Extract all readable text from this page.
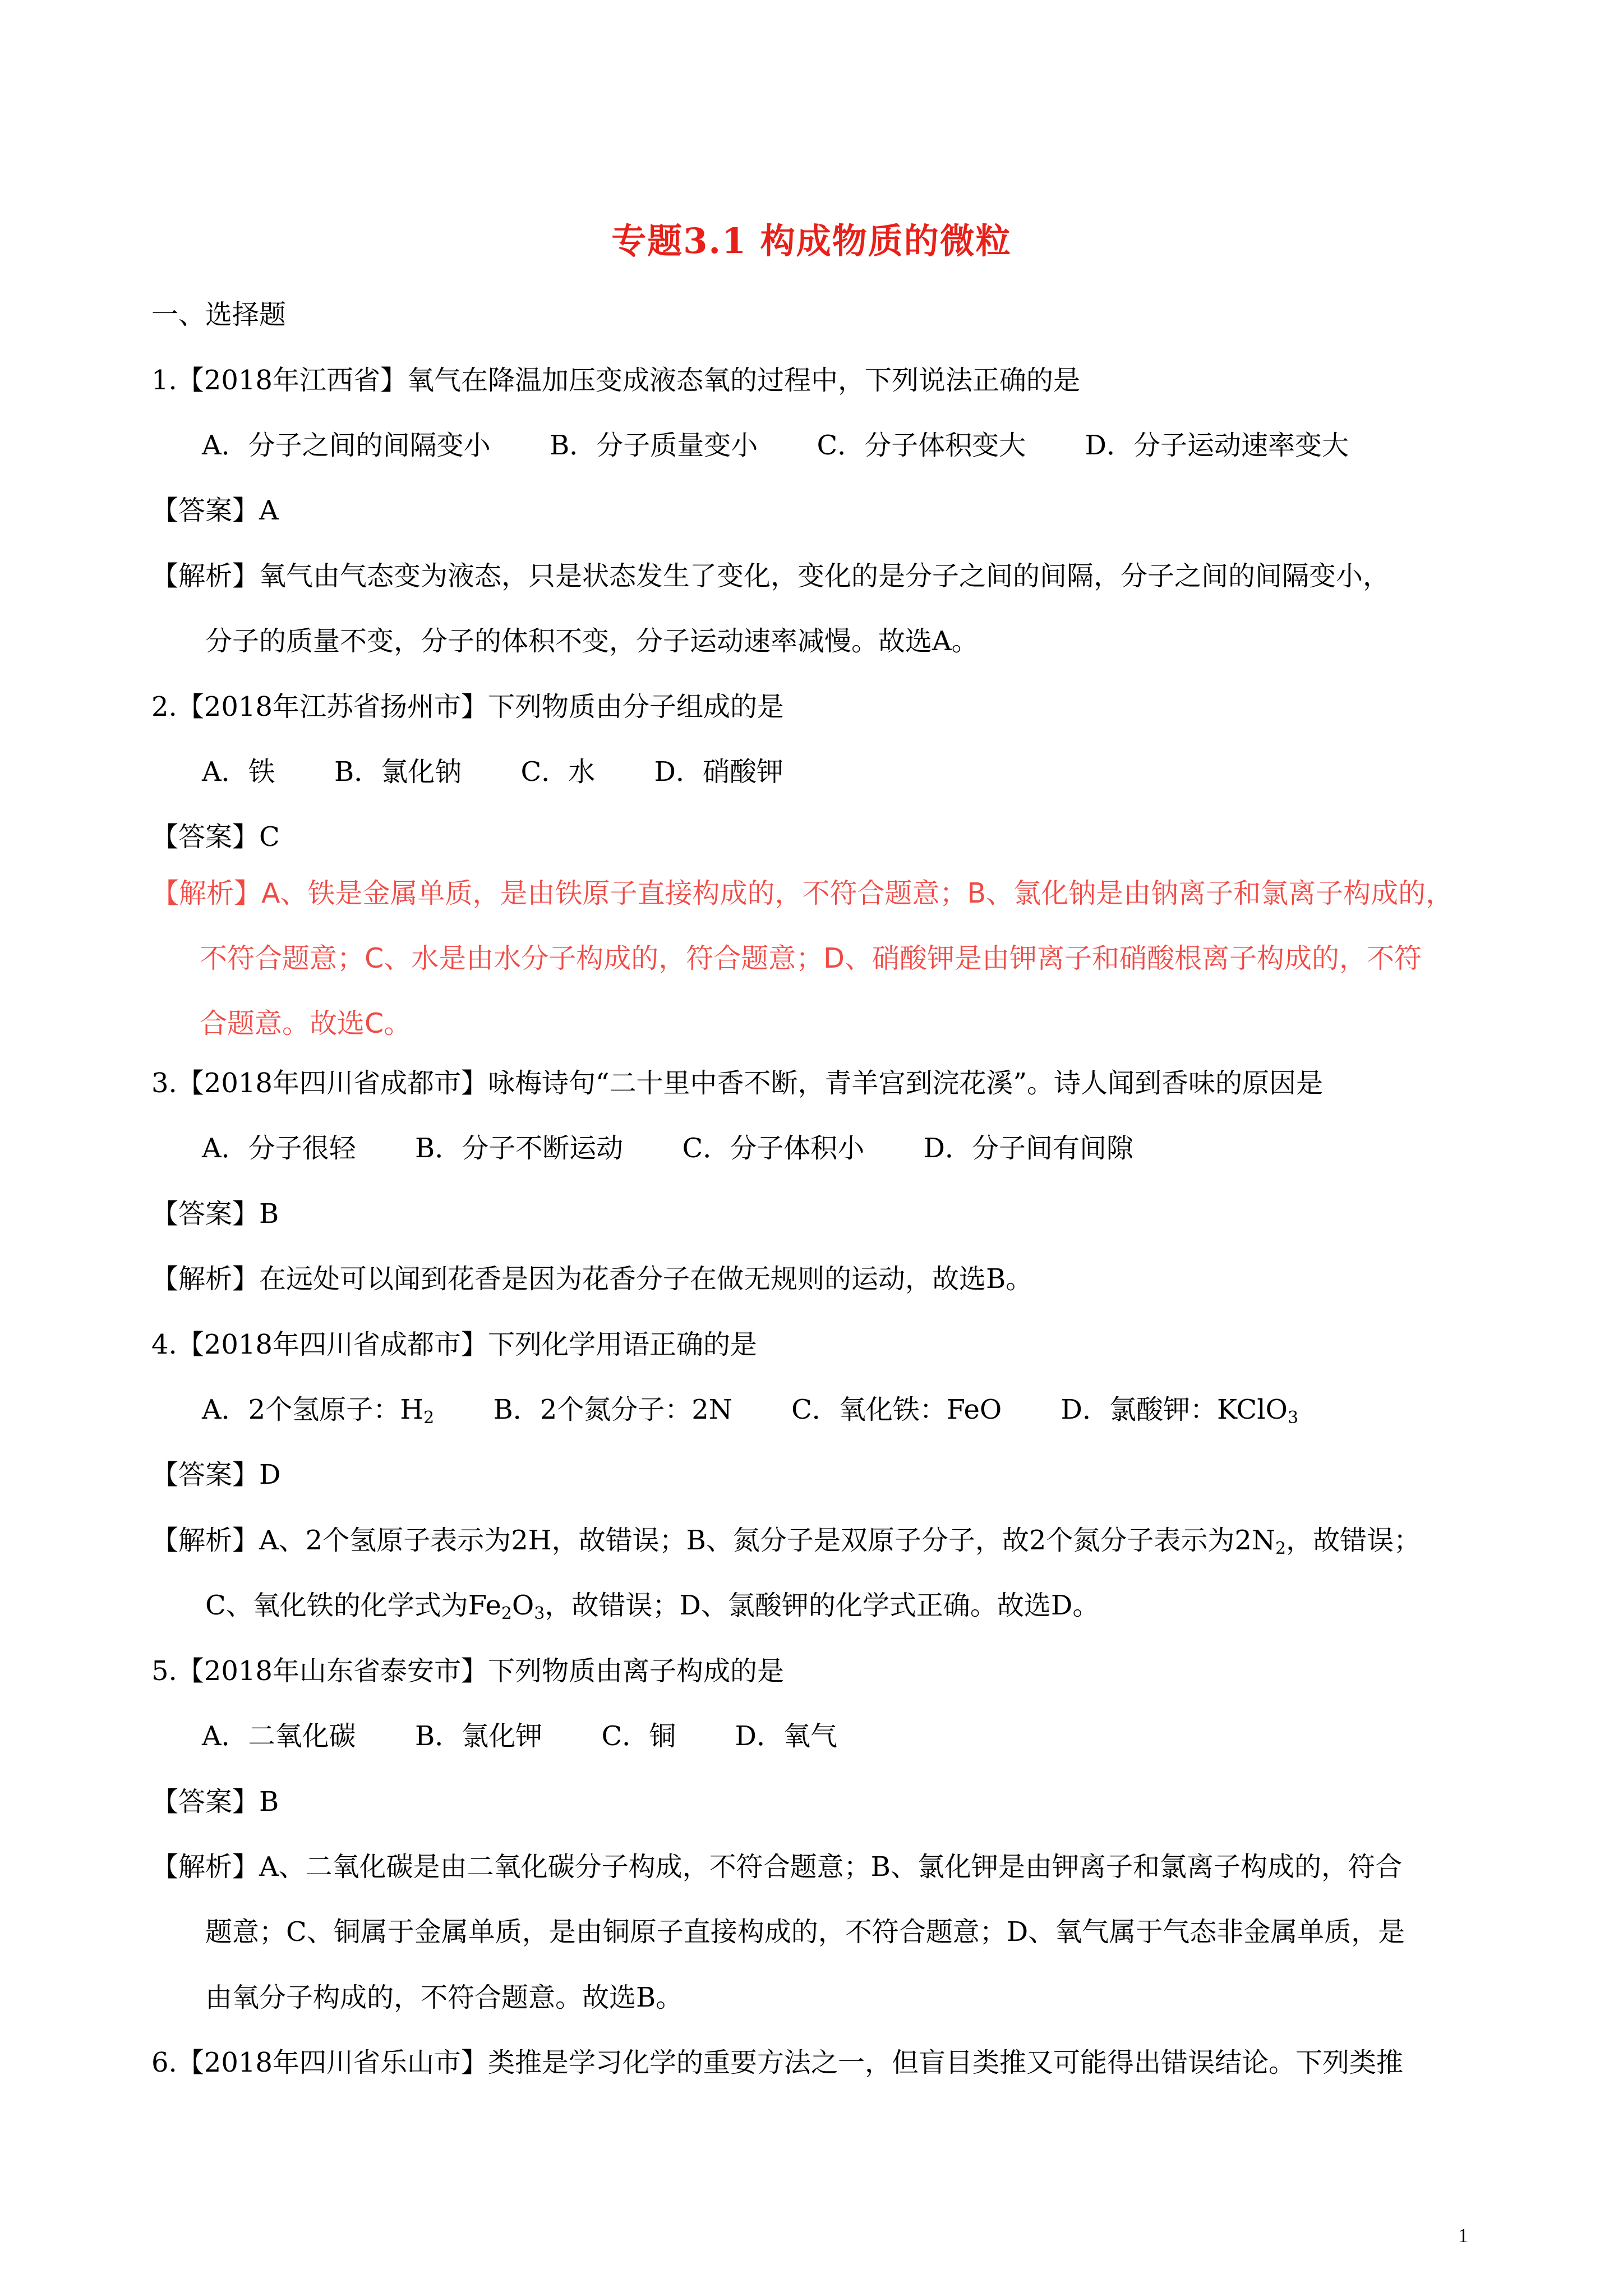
专题3.1 构成物质的微粒
一、选择题
1.【2018年江西省】氧气在降温加压变成液态氧的过程中，下列说法正确的是
A．分子之间的间隔变小 B．分子质量变小 C．分子体积变大 D．分子运动速率变大
【答案】A
【解析】氧气由气态变为液态，只是状态发生了变化，变化的是分子之间的间隔，分子之间的间隔变小，
分子的质量不变，分子的体积不变，分子运动速率减慢。故选A。
2.【2018年江苏省扬州市】下列物质由分子组成的是
A．铁 B．氯化钠 C．水 D．硝酸钾
【答案】C
【解析】A、铁是金属单质，是由铁原子直接构成的，不符合题意；B、氯化钠是由钠离子和氯离子构成的，
不符合题意；C、水是由水分子构成的，符合题意；D、硝酸钾是由钾离子和硝酸根离子构成的，不符
合题意。故选C。
3.【2018年四川省成都市】咏梅诗句“二十里中香不断，青羊宫到浣花溪”。诗人闻到香味的原因是
A．分子很轻 B．分子不断运动 C．分子体积小 D．分子间有间隙
【答案】B
【解析】在远处可以闻到花香是因为花香分子在做无规则的运动，故选B。
4.【2018年四川省成都市】下列化学用语正确的是
A．2个氢原子：$H_2$ B．2个氮分子：2N C．氧化铁：FeO D．氯酸钾：KClO$_3$
【答案】D
【解析】A、2个氢原子表示为2H，故错误；B、氮分子是双原子分子，故2个氮分子表示为$2N_2$，故错误；
C、氧化铁的化学式为$Fe_2O_3$，故错误；D、氯酸钾的化学式正确。故选D。
5.【2018年山东省泰安市】下列物质由离子构成的是
A．二氧化碳 B．氯化钾 C．铜 D．氧气
【答案】B
【解析】A、二氧化碳是由二氧化碳分子构成，不符合题意；B、氯化钾是由钾离子和氯离子构成的，符合
题意；C、铜属于金属单质，是由铜原子直接构成的，不符合题意；D、氧气属于气态非金属单质，是
由氧分子构成的，不符合题意。故选B。
6.【2018年四川省乐山市】类推是学习化学的重要方法之一，但盲目类推又可能得出错误结论。下列类推
1
